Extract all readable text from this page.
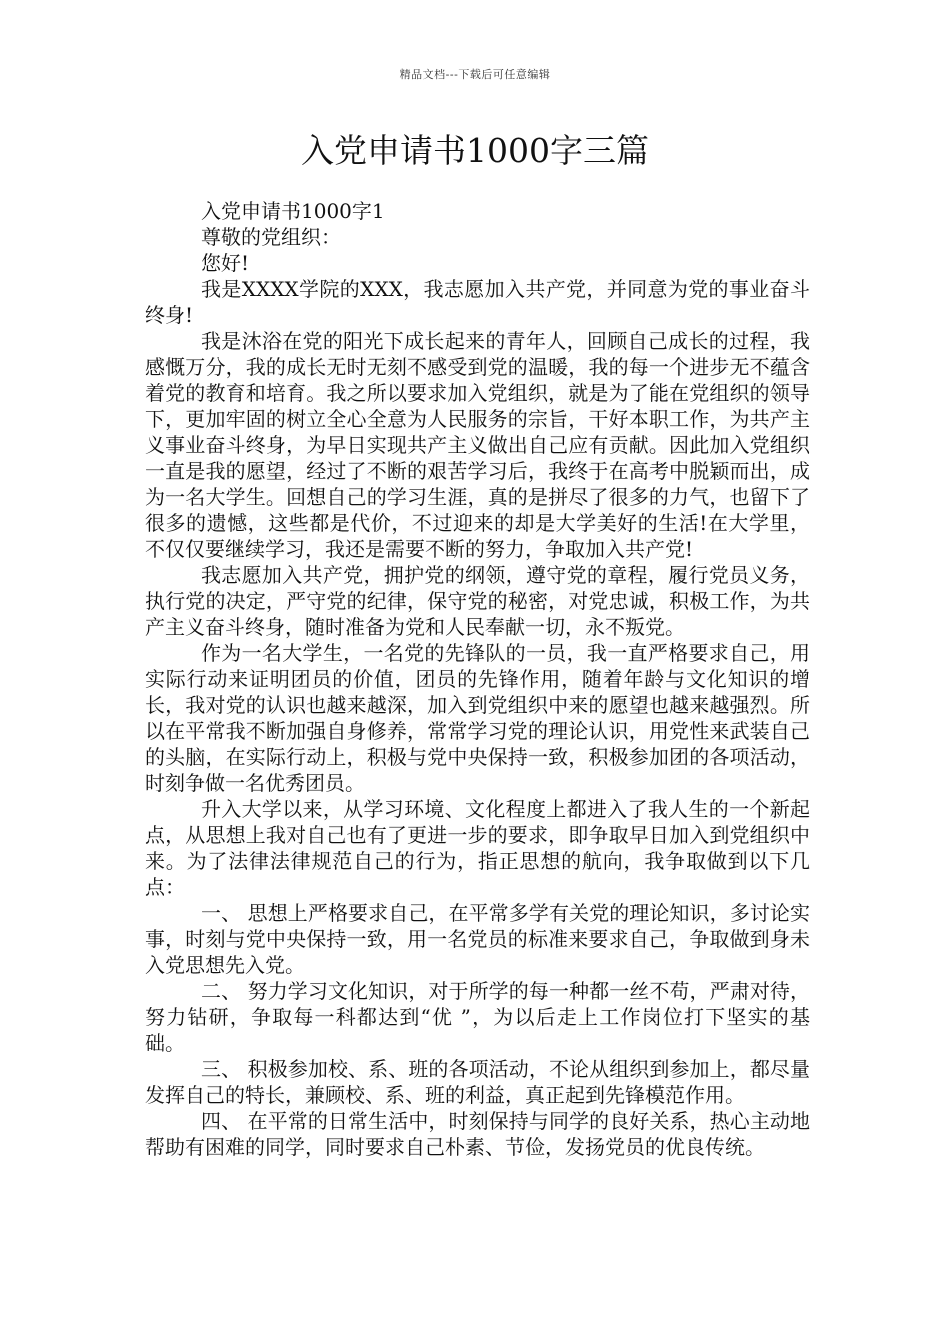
精品文档---下载后可任意编辑
入党申请书1000字三篇

入党申请书1000字1

尊敬的党组织：

您好!

我是XXXX学院的XXX，我志愿加入共产党，并同意为党的事业奋斗终身!

我是沐浴在党的阳光下成长起来的青年人，回顾自己成长的过程，我感慨万分，我的成长无时无刻不感受到党的温暖，我的每一个进步无不蕴含着党的教育和培育。我之所以要求加入党组织，就是为了能在党组织的领导下，更加牢固的树立全心全意为人民服务的宗旨，干好本职工作，为共产主义事业奋斗终身，为早日实现共产主义做出自己应有贡献。因此加入党组织一直是我的愿望，经过了不断的艰苦学习后，我终于在高考中脱颖而出，成为一名大学生。回想自己的学习生涯，真的是拼尽了很多的力气，也留下了很多的遗憾，这些都是代价，不过迎来的却是大学美好的生活!在大学里，不仅仅要继续学习，我还是需要不断的努力，争取加入共产党!

我志愿加入共产党，拥护党的纲领，遵守党的章程，履行党员义务，执行党的决定，严守党的纪律，保守党的秘密，对党忠诚，积极工作，为共产主义奋斗终身，随时准备为党和人民奉献一切，永不叛党。

作为一名大学生，一名党的先锋队的一员，我一直严格要求自己，用实际行动来证明团员的价值，团员的先锋作用，随着年龄与文化知识的增长，我对党的认识也越来越深，加入到党组织中来的愿望也越来越强烈。所以在平常我不断加强自身修养，常常学习党的理论认识，用党性来武装自己的头脑，在实际行动上，积极与党中央保持一致，积极参加团的各项活动，时刻争做一名优秀团员。

升入大学以来，从学习环境、文化程度上都进入了我人生的一个新起点，从思想上我对自己也有了更进一步的要求，即争取早日加入到党组织中来。为了法律法律规范自己的行为，指正思想的航向，我争取做到以下几点：

一、 思想上严格要求自己，在平常多学有关党的理论知识，多讨论实事，时刻与党中央保持一致，用一名党员的标准来要求自己，争取做到身未入党思想先入党。

二、 努力学习文化知识，对于所学的每一种都一丝不苟，严肃对待，努力钻研，争取每一科都达到“优 ”，为以后走上工作岗位打下坚实的基础。

三、 积极参加校、系、班的各项活动，不论从组织到参加上，都尽量发挥自己的特长，兼顾校、系、班的利益，真正起到先锋模范作用。

四、 在平常的日常生活中，时刻保持与同学的良好关系，热心主动地帮助有困难的同学，同时要求自己朴素、节俭，发扬党员的优良传统。
